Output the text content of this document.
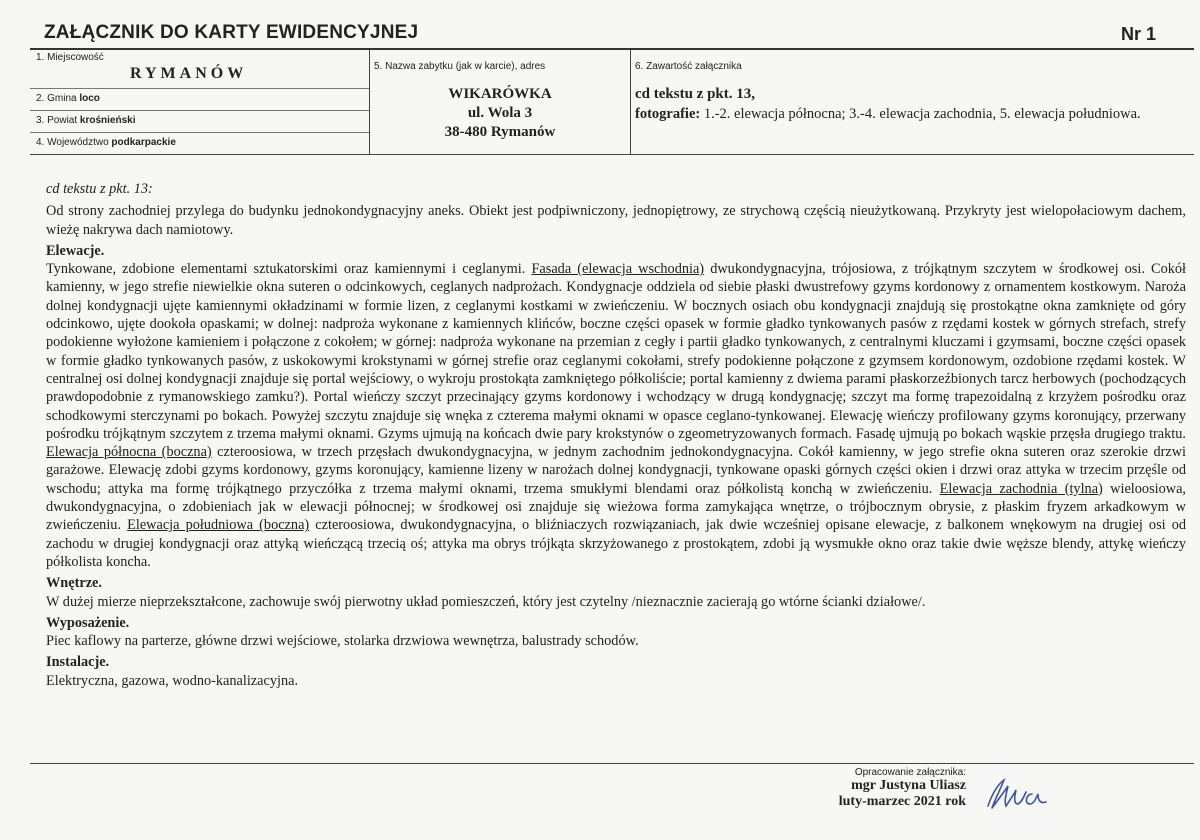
ZAŁĄCZNIK DO KARTY EWIDENCYJNEJ	Nr 1
1. Miejscowość
RYMANÓW
2. Gmina loco
3. Powiat krośnieński
4. Województwo podkarpackie
5. Nazwa zabytku (jak w karcie), adres
WIKARÓWKA
ul. Wola 3
38-480 Rymanów
6. Zawartość załącznika
cd tekstu z pkt. 13,
fotografie: 1.-2. elewacja północna; 3.-4. elewacja zachodnia, 5. elewacja południowa.

cd tekstu z pkt. 13:

Od strony zachodniej przylega do budynku jednokondygnacyjny aneks. Obiekt jest podpiwniczony, jednopiętrowy, ze strychową częścią nieużytkowaną. Przykryty jest wielopołaciowym dachem, wieżę nakrywa dach namiotowy.

Elewacje.

Tynkowane, zdobione elementami sztukatorskimi oraz kamiennymi i ceglanymi. Fasada (elewacja wschodnia) dwukondygnacyjna, trójosiowa, z trójkątnym szczytem w środkowej osi. Cokół kamienny, w jego strefie niewielkie okna suteren o odcinkowych, ceglanych nadprożach. Kondygnacje oddziela od siebie płaski dwustrefowy gzyms kordonowy z ornamentem kostkowym. Naroża dolnej kondygnacji ujęte kamiennymi okładzinami w formie lizen, z ceglanymi kostkami w zwieńczeniu. W bocznych osiach obu kondygnacji znajdują się prostokątne okna zamknięte od góry odcinkowo, ujęte dookoła opaskami; w dolnej: nadproża wykonane z kamiennych klińców, boczne części opasek w formie gładko tynkowanych pasów z rzędami kostek w górnych strefach, strefy podokienne wyłożone kamieniem i połączone z cokołem; w górnej: nadproża wykonane na przemian z cegły i partii gładko tynkowanych, z centralnymi kluczami i gzymsami, boczne części opasek w formie gładko tynkowanych pasów, z uskokowymi krokstynami w górnej strefie oraz ceglanymi cokołami, strefy podokienne połączone z gzymsem kordonowym, ozdobione rzędami kostek. W centralnej osi dolnej kondygnacji znajduje się portal wejściowy, o wykroju prostokąta zamkniętego półkoliście; portal kamienny z dwiema parami płaskorzeźbionych tarcz herbowych (pochodzących prawdopodobnie z rymanowskiego zamku?). Portal wieńczy szczyt przecinający gzyms kordonowy i wchodzący w drugą kondygnację; szczyt ma formę trapezoidalną z krzyżem pośrodku oraz schodkowymi sterczynami po bokach. Powyżej szczytu znajduje się wnęka z czterema małymi oknami w opasce ceglano-tynkowanej. Elewację wieńczy profilowany gzyms koronujący, przerwany pośrodku trójkątnym szczytem z trzema małymi oknami. Gzyms ujmują na końcach dwie pary krokstynów o zgeometryzowanych formach. Fasadę ujmują po bokach wąskie przęsła drugiego traktu. Elewacja północna (boczna) czteroosiowa, w trzech przęsłach dwukondygnacyjna, w jednym zachodnim jednokondygnacyjna. Cokół kamienny, w jego strefie okna suteren oraz szerokie drzwi garażowe. Elewację zdobi gzyms kordonowy, gzyms koronujący, kamienne lizeny w narożach dolnej kondygnacji, tynkowane opaski górnych części okien i drzwi oraz attyka w trzecim przęśle od wschodu; attyka ma formę trójkątnego przyczółka z trzema małymi oknami, trzema smukłymi blendami oraz półkolistą konchą w zwieńczeniu. Elewacja zachodnia (tylna) wieloosiowa, dwukondygnacyjna, o zdobieniach jak w elewacji północnej; w środkowej osi znajduje się wieżowa forma zamykająca wnętrze, o trójbocznym obrysie, z płaskim fryzem arkadkowym w zwieńczeniu. Elewacja południowa (boczna) czteroosiowa, dwukondygnacyjna, o bliźniaczych rozwiązaniach, jak dwie wcześniej opisane elewacje, z balkonem wnękowym na drugiej osi od zachodu w drugiej kondygnacji oraz attyką wieńczącą trzecią oś; attyka ma obrys trójkąta skrzyżowanego z prostokątem, zdobi ją wysmukłe okno oraz takie dwie węższe blendy, attykę wieńczy półkolista koncha.

Wnętrze.

W dużej mierze nieprzekształcone, zachowuje swój pierwotny układ pomieszczeń, który jest czytelny /nieznacznie zacierają go wtórne ścianki działowe/.

Wyposażenie.

Piec kaflowy na parterze, główne drzwi wejściowe, stolarka drzwiowa wewnętrza, balustrady schodów.

Instalacje.

Elektryczna, gazowa, wodno-kanalizacyjna.

Opracowanie załącznika:
mgr Justyna Uliasz
luty-marzec 2021 rok
